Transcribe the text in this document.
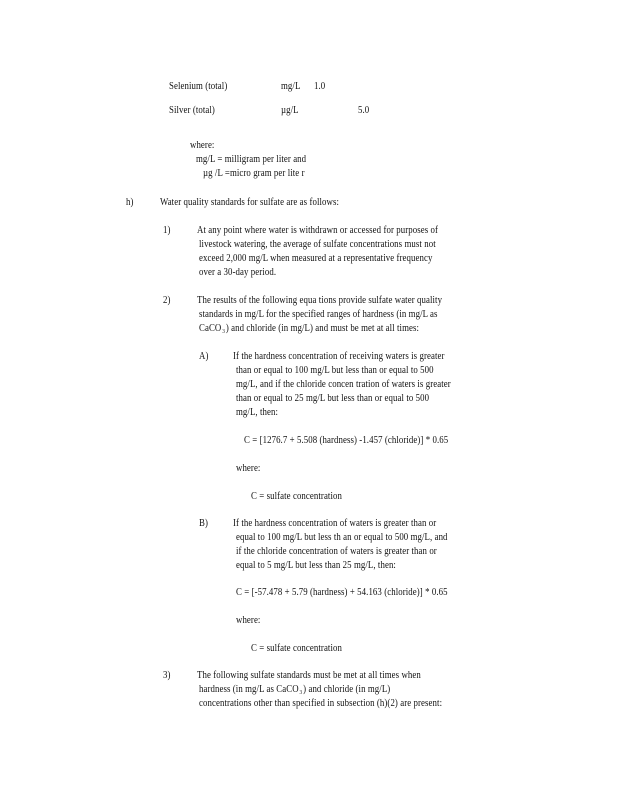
Selenium (total)	mg/L 1.0
Silver (total)	µg/L	5.0
where:
mg/L = milligram per liter and
µg /L =micro gram per lite r
h)	Water quality standards for sulfate are as follows:
1)	At any point where water is withdrawn or accessed for purposes of
livestock watering, the average of sulfate concentrations must not
exceed 2,000 mg/L when measured at a representative frequency
over a 30-day period.
2)	The results of the following equa tions provide sulfate water quality
standards in mg/L for the specified ranges of hardness (in mg/L as
CaCO$_3$) and chloride (in mg/L) and must be met at all times:
A) If the hardness concentration of receiving waters is greater
than or equal to 100 mg/L but less than or equal to 500
mg/L, and if the chloride concen tration of waters is greater
than or equal to 25 mg/L but less than or equal to 500
mg/L, then:
C = [1276.7 + 5.508 (hardness) -1.457 (chloride)] * 0.65
where:
C = sulfate concentration
B)	If the hardness concentration of waters is greater than or
equal to 100 mg/L but less th an or equal to 500 mg/L, and
if the chloride concentration of waters is greater than or
equal to 5 mg/L but less than 25 mg/L, then:
C = [-57.478 + 5.79 (hardness) + 54.163 (chloride)] * 0.65
where:
C = sulfate concentration
3)	The following sulfate standards must be met at all times when
hardness (in mg/L as CaCO$_3$) and chloride (in mg/L)
concentrations other than specified in subsection (h)(2) are present:
